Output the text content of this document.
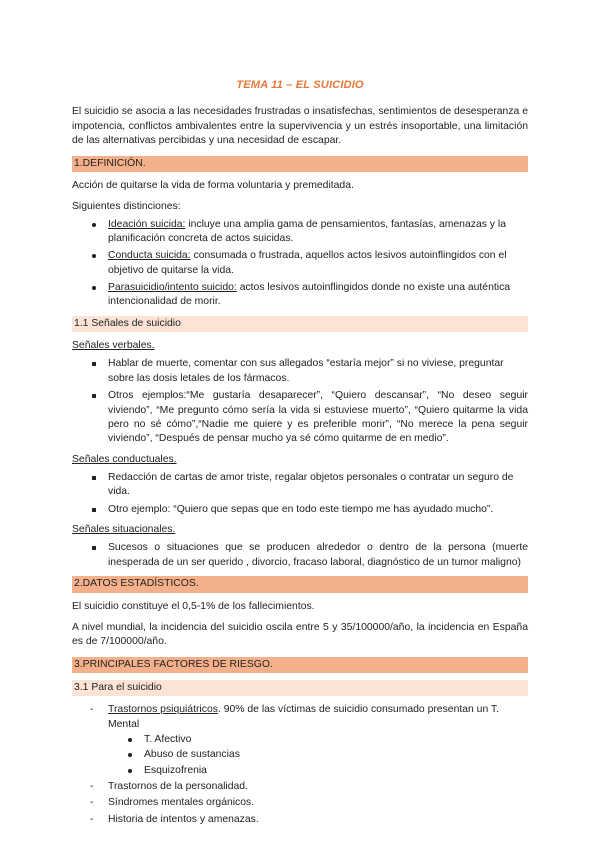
TEMA 11 – EL SUICIDIO
El suicidio se asocia a las necesidades frustradas o insatisfechas, sentimientos de desesperanza e impotencia, conflictos ambivalentes entre la supervivencia y un estrés insoportable, una limitación de las alternativas percibidas y una necesidad de escapar.
1.DEFINICIÓN.
Acción de quitarse la vida de forma voluntaria y premeditada.
Siguientes distinciones:
Ideación suicida: incluye una amplia gama de pensamientos, fantasías, amenazas y la planificación concreta de actos suicidas.
Conducta suicida: consumada o frustrada, aquellos actos lesivos autoinflingidos con el objetivo de quitarse la vida.
Parasuicidio/intento suicido: actos lesivos autoinflingidos donde no existe una auténtica intencionalidad de morir.
1.1 Señales de suicidio
Señales verbales.
Hablar de muerte, comentar con sus allegados “estaría mejor” si no viviese, preguntar sobre las dosis letales de los fármacos.
Otros ejemplos:“Me gustaría desaparecer”, “Quiero descansar”, “No deseo seguir viviendo”, “Me pregunto cómo sería la vida si estuviese muerto”, “Quiero quitarme la vida pero no sé cómo”,“Nadie me quiere y es preferible morir”, “No merece la pena seguir viviendo”, “Después de pensar mucho ya sé cómo quitarme de en medio”.
Señales conductuales.
Redacción de cartas de amor triste, regalar objetos personales o contratar un seguro de vida.
Otro ejemplo: “Quiero que sepas que en todo este tiempo me has ayudado mucho”.
Señales situacionales.
Sucesos o situaciones que se producen alrededor o dentro de la persona (muerte inesperada de un ser querido , divorcio, fracaso laboral, diagnóstico de un tumor maligno)
2.DATOS ESTADÍSTICOS.
El suicidio constituye el 0,5-1% de los fallecimientos.
A nivel mundial, la incidencia del suicidio oscila entre 5 y 35/100000/año, la incidencia en España es de 7/100000/año.
3.PRINCIPALES FACTORES DE RIESGO.
3.1 Para el suicidio
- Trastornos psiquiátricos. 90% de las víctimas de suicidio consumado presentan un T. Mental
T. Afectivo
Abuso de sustancias
Esquizofrenia
- Trastornos de la personalidad.
- Síndromes mentales orgánicos.
- Historia de intentos y amenazas.
